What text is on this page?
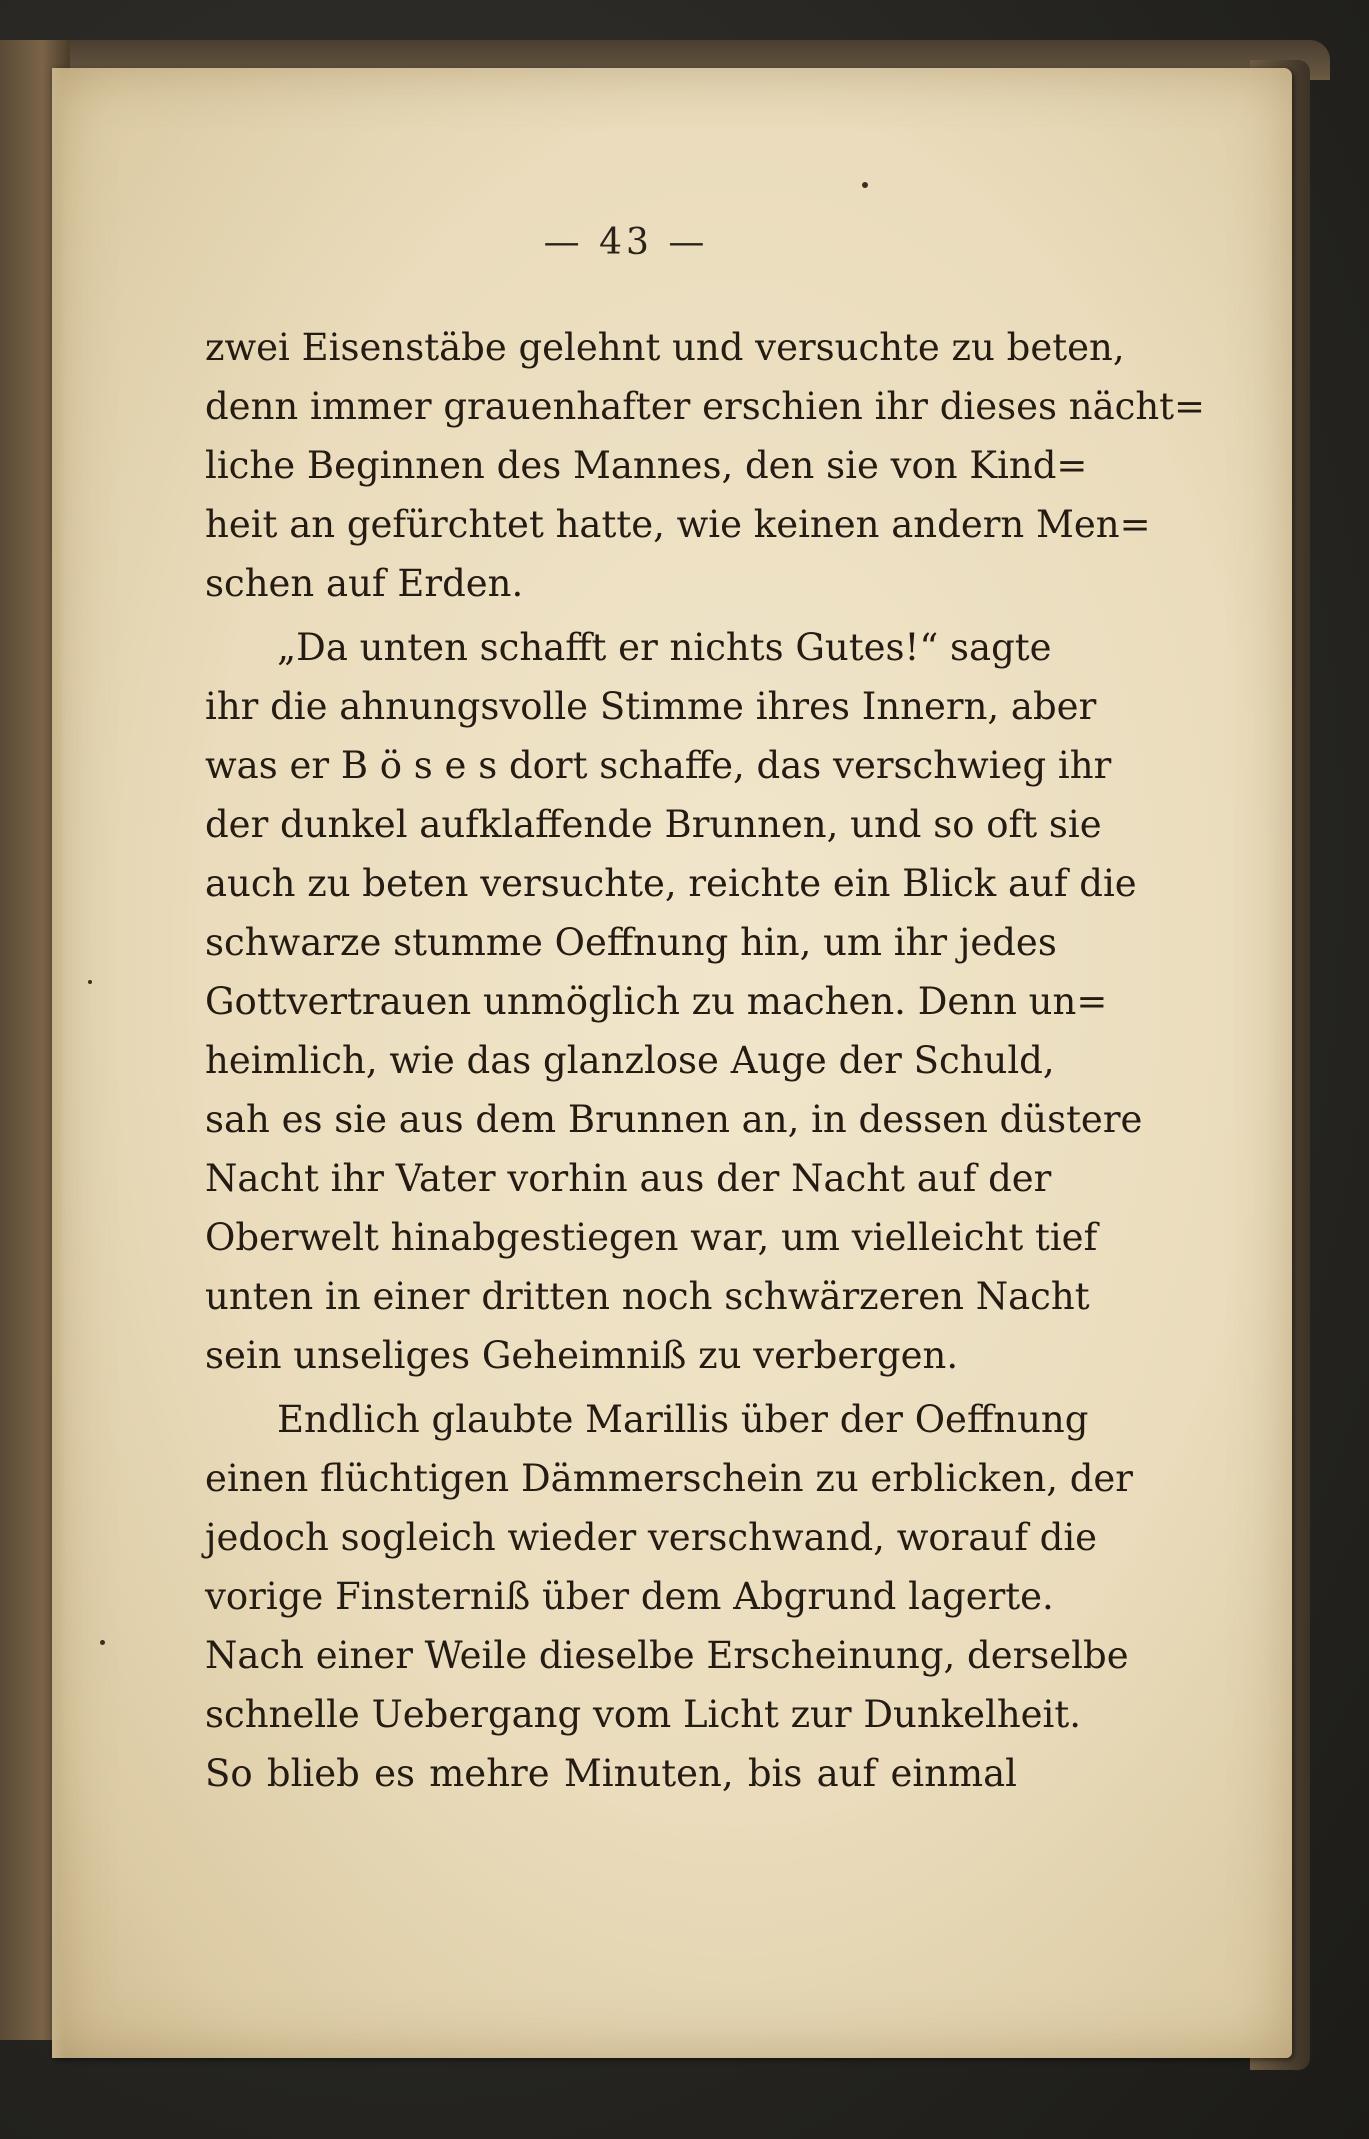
— 43 —
zwei Eisenstäbe gelehnt und versuchte zu beten,
denn immer grauenhafter erschien ihr dieses nächt=
liche Beginnen des Mannes, den sie von Kind=
heit an gefürchtet hatte, wie keinen andern Men=
schen auf Erden.
„Da unten schafft er nichts Gutes!“ sagte
ihr die ahnungsvolle Stimme ihres Innern, aber
was er B ö s e s dort schaffe, das verschwieg ihr
der dunkel aufklaffende Brunnen, und so oft sie
auch zu beten versuchte, reichte ein Blick auf die
schwarze stumme Oeffnung hin, um ihr jedes
Gottvertrauen unmöglich zu machen. Denn un=
heimlich, wie das glanzlose Auge der Schuld,
sah es sie aus dem Brunnen an, in dessen düstere
Nacht ihr Vater vorhin aus der Nacht auf der
Oberwelt hinabgestiegen war, um vielleicht tief
unten in einer dritten noch schwärzeren Nacht
sein unseliges Geheimniß zu verbergen.
Endlich glaubte Marillis über der Oeffnung
einen flüchtigen Dämmerschein zu erblicken, der
jedoch sogleich wieder verschwand, worauf die
vorige Finsterniß über dem Abgrund lagerte.
Nach einer Weile dieselbe Erscheinung, derselbe
schnelle Uebergang vom Licht zur Dunkelheit.
So blieb es mehre Minuten, bis auf einmal
